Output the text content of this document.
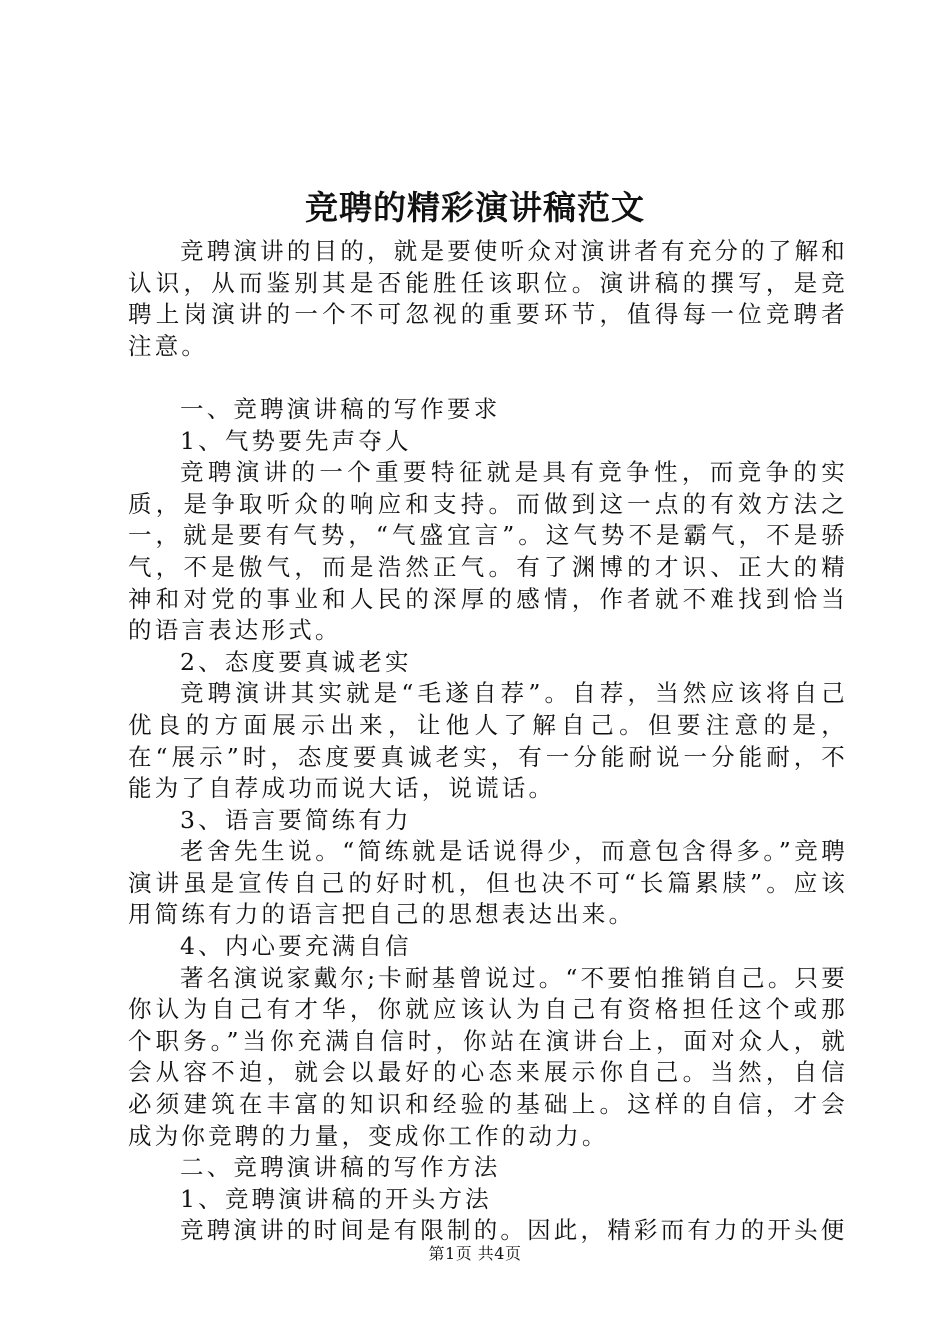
竞聘的精彩演讲稿范文

竞聘演讲的目的，就是要使听众对演讲者有充分的了解和认识，从而鉴别其是否能胜任该职位。演讲稿的撰写，是竞聘上岗演讲的一个不可忽视的重要环节，值得每一位竞聘者注意。

一、竞聘演讲稿的写作要求

1、气势要先声夺人

竞聘演讲的一个重要特征就是具有竞争性，而竞争的实质，是争取听众的响应和支持。而做到这一点的有效方法之一，就是要有气势，“气盛宜言”。这气势不是霸气，不是骄气，不是傲气，而是浩然正气。有了渊博的才识、正大的精神和对党的事业和人民的深厚的感情，作者就不难找到恰当的语言表达形式。

2、态度要真诚老实

竞聘演讲其实就是“毛遂自荐”。自荐，当然应该将自己优良的方面展示出来，让他人了解自己。但要注意的是，在“展示”时，态度要真诚老实，有一分能耐说一分能耐，不能为了自荐成功而说大话，说谎话。

3、语言要简练有力

老舍先生说。“简练就是话说得少，而意包含得多。”竞聘演讲虽是宣传自己的好时机，但也决不可“长篇累牍”。应该用简练有力的语言把自己的思想表达出来。

4、内心要充满自信

著名演说家戴尔;卡耐基曾说过。“不要怕推销自己。只要你认为自己有才华，你就应该认为自己有资格担任这个或那个职务。”当你充满自信时，你站在演讲台上，面对众人，就会从容不迫，就会以最好的心态来展示你自己。当然，自信必须建筑在丰富的知识和经验的基础上。这样的自信，才会成为你竞聘的力量，变成你工作的动力。

二、竞聘演讲稿的写作方法

1、竞聘演讲稿的开头方法

竞聘演讲的时间是有限制的。因此，精彩而有力的开头便

第1页 共4页
